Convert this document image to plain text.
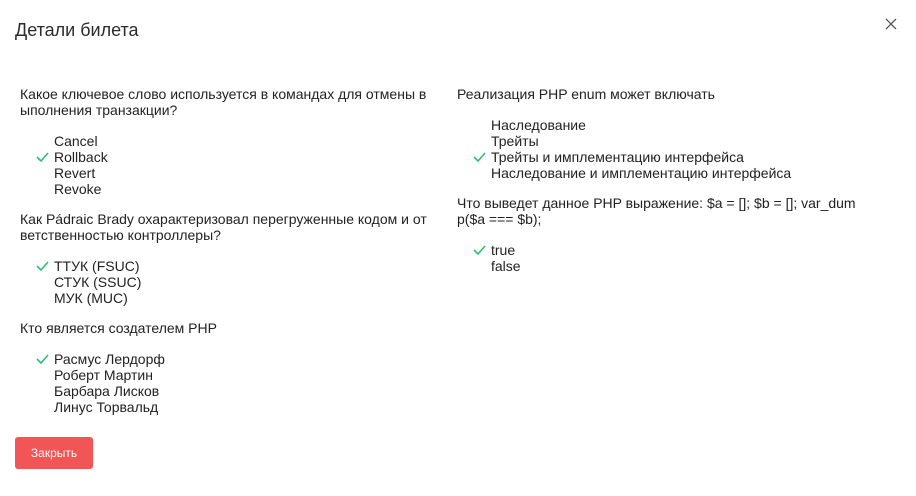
Детали билета
Какое ключевое слово используется в командах для отмены выполнения транзакции?
Cancel
Rollback
Revert
Revoke
Как Pádraic Brady охарактеризовал перегруженные кодом и ответственностью контроллеры?
ТТУК (FSUC)
СТУК (SSUC)
МУК (MUC)
Кто является создателем PHP
Расмус Лердорф
Роберт Мартин
Барбара Лисков
Линус Торвальд
Реализация PHP enum может включать
Наследование
Трейты
Трейты и имплементацию интерфейса
Наследование и имплементацию интерфейса
Что выведет данное PHP выражение: $a = []; $b = []; var_dump($a === $b);
true
false
Закрыть
